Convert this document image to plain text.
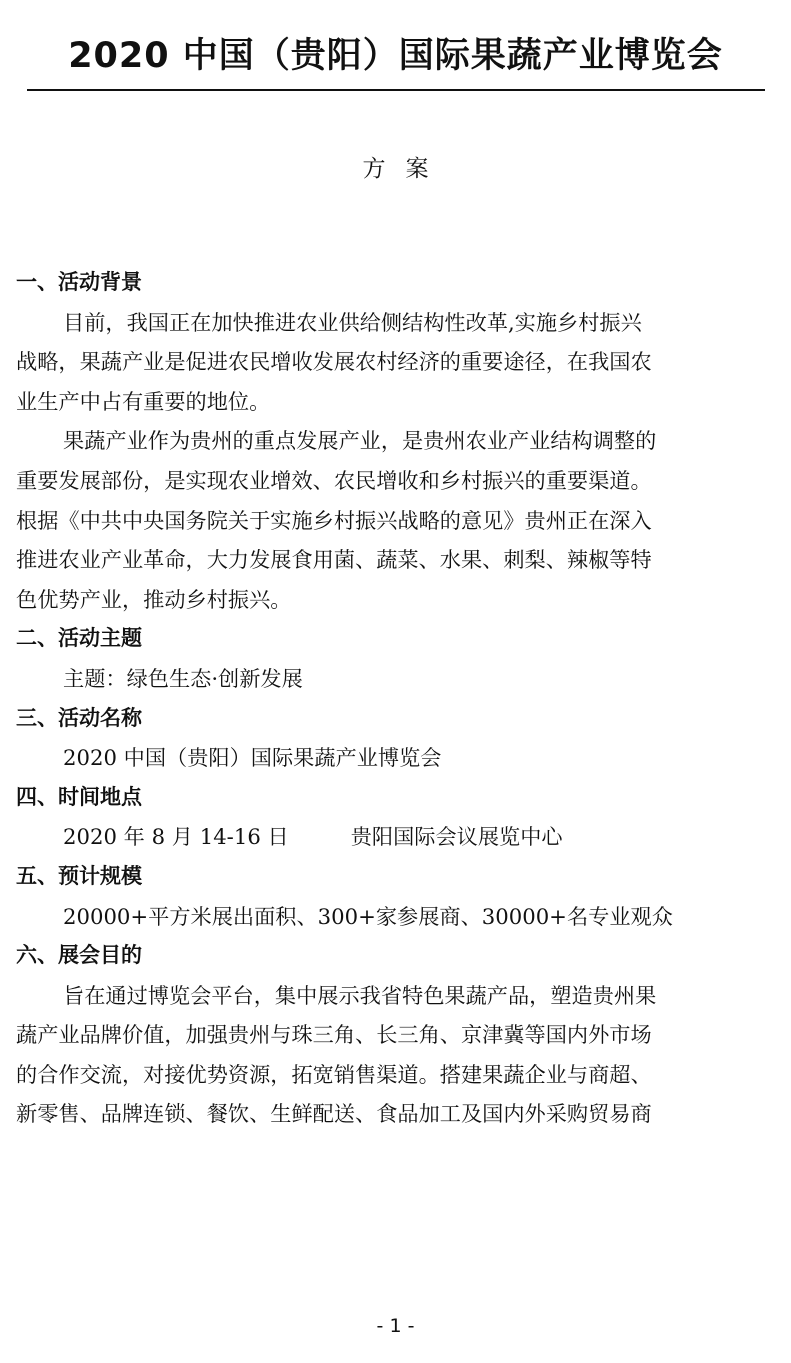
2020 中国（贵阳）国际果蔬产业博览会
方案

一、活动背景

目前，我国正在加快推进农业供给侧结构性改革,实施乡村振兴

战略，果蔬产业是促进农民增收发展农村经济的重要途径，在我国农

业生产中占有重要的地位。

果蔬产业作为贵州的重点发展产业，是贵州农业产业结构调整的

重要发展部份，是实现农业增效、农民增收和乡村振兴的重要渠道。

根据《中共中央国务院关于实施乡村振兴战略的意见》贵州正在深入

推进农业产业革命，大力发展食用菌、蔬菜、水果、刺梨、辣椒等特

色优势产业，推动乡村振兴。

二、活动主题

主题：绿色生态·创新发展

三、活动名称

2020 中国（贵阳）国际果蔬产业博览会

四、时间地点

2020 年 8 月 14-16 日	贵阳国际会议展览中心

五、预计规模

20000+平方米展出面积、300+家参展商、30000+名专业观众

六、展会目的

旨在通过博览会平台，集中展示我省特色果蔬产品，塑造贵州果

蔬产业品牌价值，加强贵州与珠三角、长三角、京津冀等国内外市场

的合作交流，对接优势资源，拓宽销售渠道。搭建果蔬企业与商超、

新零售、品牌连锁、餐饮、生鲜配送、食品加工及国内外采购贸易商

- 1 -
